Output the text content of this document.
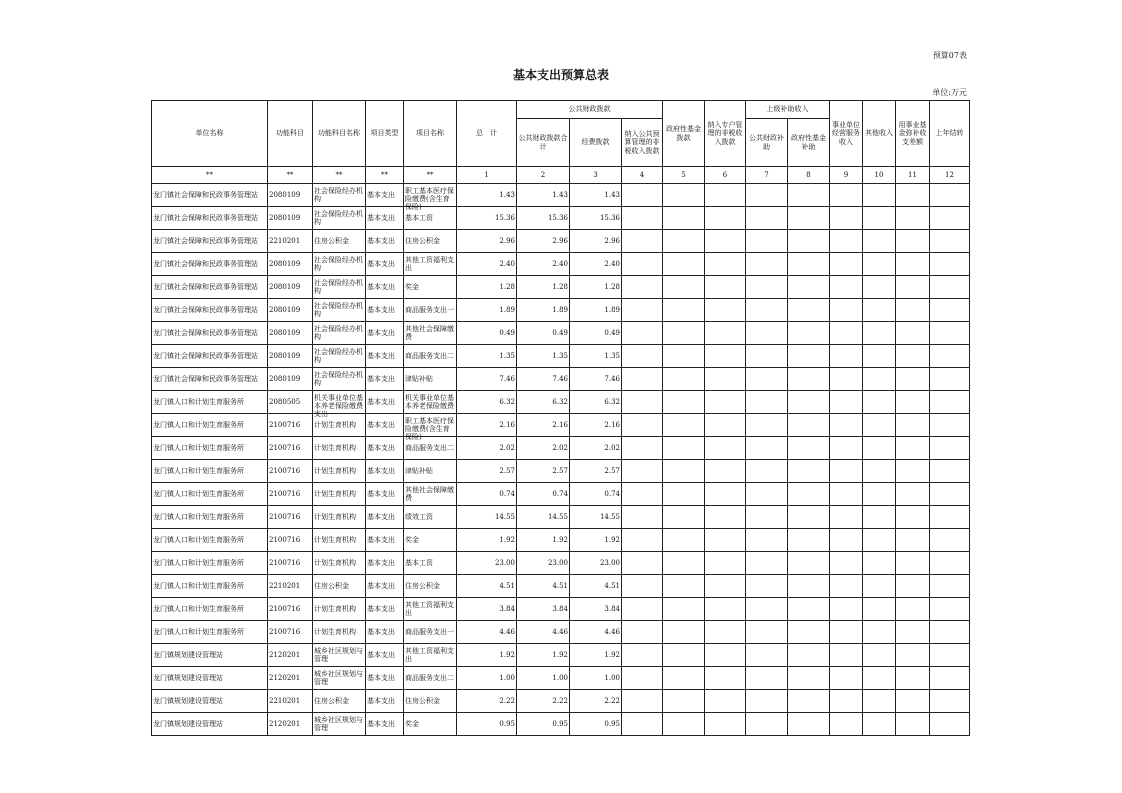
预算07表
基本支出预算总表
单位:万元
单位名称	功能科目	功能科目名称	项目类型	项目名称	总　计	公共财政拨款			政府性基金拨款	纳入专户管理的非税收入拨款	上级补助收入		事业单位经营服务收入	其他收入	用事业基金弥补收支差额	上年结转
						公共财政拨款合计	经费拨款	纳入公共预算管理的非税收入拨款			公共财政补助	政府性基金补助				
**	**	**	**	**	1	2	3	4	5	6	7	8	9	10	11	12
龙门镇社会保障和民政事务管理站	2080109	社会保险经办机构	基本支出	职工基本医疗保险缴费(含生育保险)	1.43	1.43	1.43									
龙门镇社会保障和民政事务管理站	2080109	社会保险经办机构	基本支出	基本工资	15.36	15.36	15.36									
龙门镇社会保障和民政事务管理站	2210201	住房公积金	基本支出	住房公积金	2.96	2.96	2.96									
龙门镇社会保障和民政事务管理站	2080109	社会保险经办机构	基本支出	其他工资福利支出	2.40	2.40	2.40									
龙门镇社会保障和民政事务管理站	2080109	社会保险经办机构	基本支出	奖金	1.28	1.28	1.28									
龙门镇社会保障和民政事务管理站	2080109	社会保险经办机构	基本支出	商品服务支出一	1.89	1.89	1.89									
龙门镇社会保障和民政事务管理站	2080109	社会保险经办机构	基本支出	其他社会保障缴费	0.49	0.49	0.49									
龙门镇社会保障和民政事务管理站	2080109	社会保险经办机构	基本支出	商品服务支出二	1.35	1.35	1.35									
龙门镇社会保障和民政事务管理站	2080109	社会保险经办机构	基本支出	津贴补贴	7.46	7.46	7.46									
龙门镇人口和计划生育服务所	2080505	机关事业单位基本养老保险缴费支出	基本支出	机关事业单位基本养老保险缴费	6.32	6.32	6.32									
龙门镇人口和计划生育服务所	2100716	计划生育机构	基本支出	职工基本医疗保险缴费(含生育保险)	2.16	2.16	2.16									
龙门镇人口和计划生育服务所	2100716	计划生育机构	基本支出	商品服务支出二	2.02	2.02	2.02									
龙门镇人口和计划生育服务所	2100716	计划生育机构	基本支出	津贴补贴	2.57	2.57	2.57									
龙门镇人口和计划生育服务所	2100716	计划生育机构	基本支出	其他社会保障缴费	0.74	0.74	0.74									
龙门镇人口和计划生育服务所	2100716	计划生育机构	基本支出	绩效工资	14.55	14.55	14.55									
龙门镇人口和计划生育服务所	2100716	计划生育机构	基本支出	奖金	1.92	1.92	1.92									
龙门镇人口和计划生育服务所	2100716	计划生育机构	基本支出	基本工资	23.00	23.00	23.00									
龙门镇人口和计划生育服务所	2210201	住房公积金	基本支出	住房公积金	4.51	4.51	4.51									
龙门镇人口和计划生育服务所	2100716	计划生育机构	基本支出	其他工资福利支出	3.84	3.84	3.84									
龙门镇人口和计划生育服务所	2100716	计划生育机构	基本支出	商品服务支出一	4.46	4.46	4.46									
龙门镇规划建设管理站	2120201	城乡社区规划与管理	基本支出	其他工资福利支出	1.92	1.92	1.92									
龙门镇规划建设管理站	2120201	城乡社区规划与管理	基本支出	商品服务支出二	1.00	1.00	1.00									
龙门镇规划建设管理站	2210201	住房公积金	基本支出	住房公积金	2.22	2.22	2.22									
龙门镇规划建设管理站	2120201	城乡社区规划与管理	基本支出	奖金	0.95	0.95	0.95									
